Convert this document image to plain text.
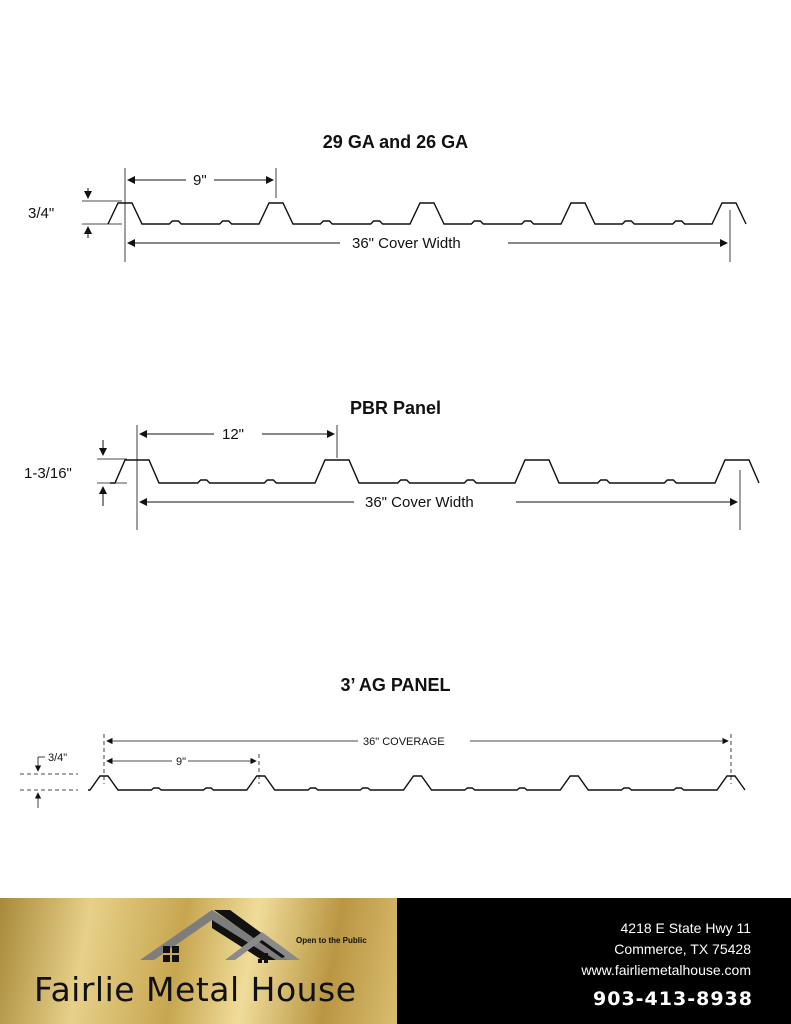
29 GA and 26 GA
PBR Panel
3’ AG PANEL
3/4"
9"
36" Cover Width
1-3/16"
12"
36" Cover Width
3/4"
36" COVERAGE
9"
Open to the Public
Fairlie Metal House
4218 E State Hwy 11
Commerce, TX 75428
www.fairliemetalhouse.com
903-413-8938
